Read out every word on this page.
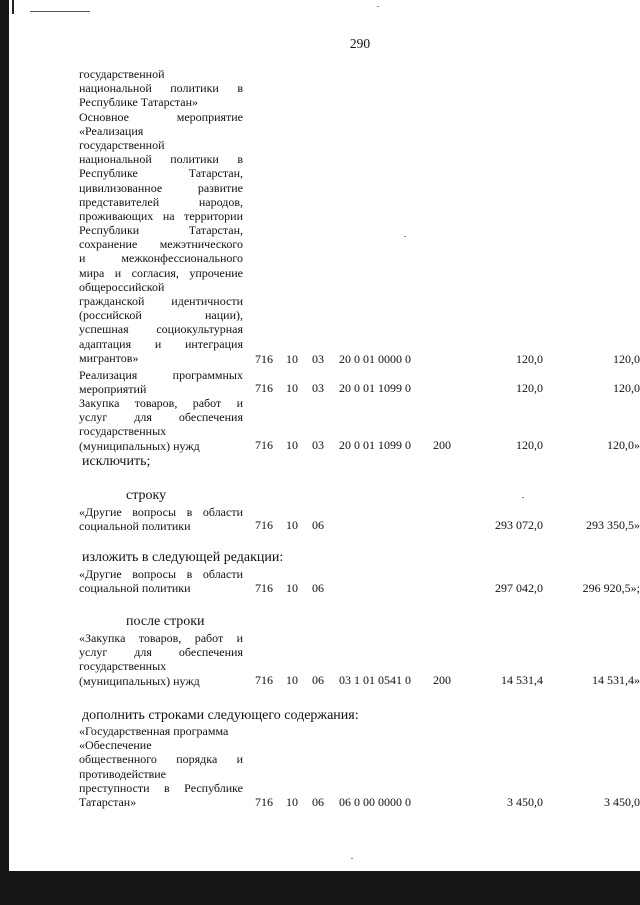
290
государственной
национальной политики в
Республике Татарстан»
Основное мероприятие
«Реализация
государственной
национальной политики в
Республике Татарстан,
цивилизованное развитие
представителей народов,
проживающих на территории
Республики Татарстан,
сохранение межэтнического
и межконфессионального
мира и согласия, упрочение
общероссийской
гражданской идентичности
(российской нации),
успешная социокультурная
адаптация и интеграция
мигрантов»	716 10 03 20 0 01 0000 0	120,0	120,0
Реализация программных
мероприятий	716 10 03 20 0 01 1099 0	120,0	120,0
Закупка товаров, работ и
услуг для обеспечения
государственных
(муниципальных) нужд	716 10 03 20 0 01 1099 0	200	120,0	120,0»
исключить;
строку
«Другие вопросы в области
социальной политики	716 10 06	293 072,0	293 350,5»
изложить в следующей редакции:
«Другие вопросы в области
социальной политики	716 10 06	297 042,0	296 920,5»;
после строки
«Закупка товаров, работ и
услуг для обеспечения
государственных
(муниципальных) нужд	716 10 06 03 1 01 0541 0	200	14 531,4	14 531,4»
дополнить строками следующего содержания:
«Государственная программа
«Обеспечение
общественного порядка и
противодействие
преступности в Республике
Татарстан»	716 10 06 06 0 00 0000 0	3 450,0	3 450,0
